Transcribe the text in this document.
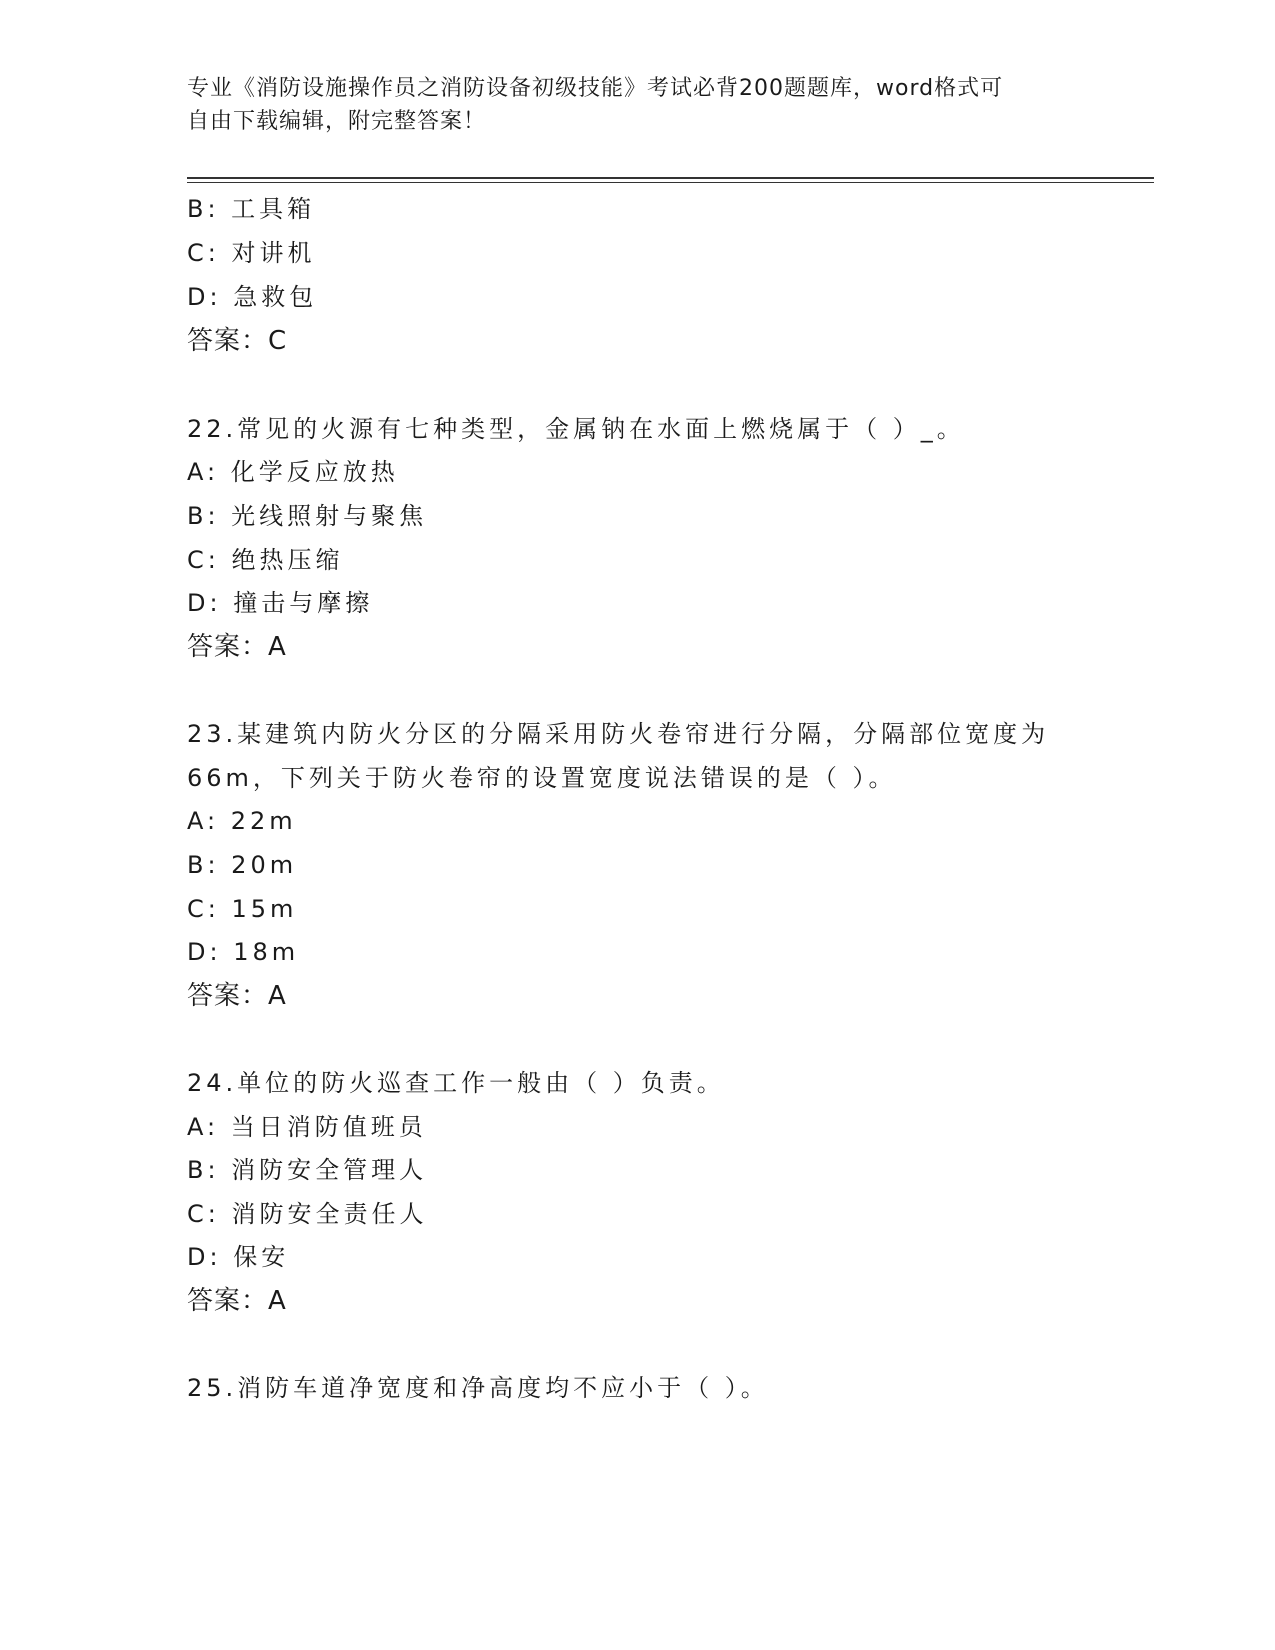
专业《消防设施操作员之消防设备初级技能》考试必背200题题库，word格式可
自由下载编辑，附完整答案！
B: 工具箱
C: 对讲机
D: 急救包
答案：C
22.常见的火源有七种类型，金属钠在水面上燃烧属于（ ）_。
A: 化学反应放热
B: 光线照射与聚焦
C: 绝热压缩
D: 撞击与摩擦
答案：A
23.某建筑内防火分区的分隔采用防火卷帘进行分隔，分隔部位宽度为
66m，下列关于防火卷帘的设置宽度说法错误的是（ ）。
A: 22m
B: 20m
C: 15m
D: 18m
答案：A
24.单位的防火巡查工作一般由（ ）负责。
A: 当日消防值班员
B: 消防安全管理人
C: 消防安全责任人
D: 保安
答案：A
25.消防车道净宽度和净高度均不应小于（ ）。
